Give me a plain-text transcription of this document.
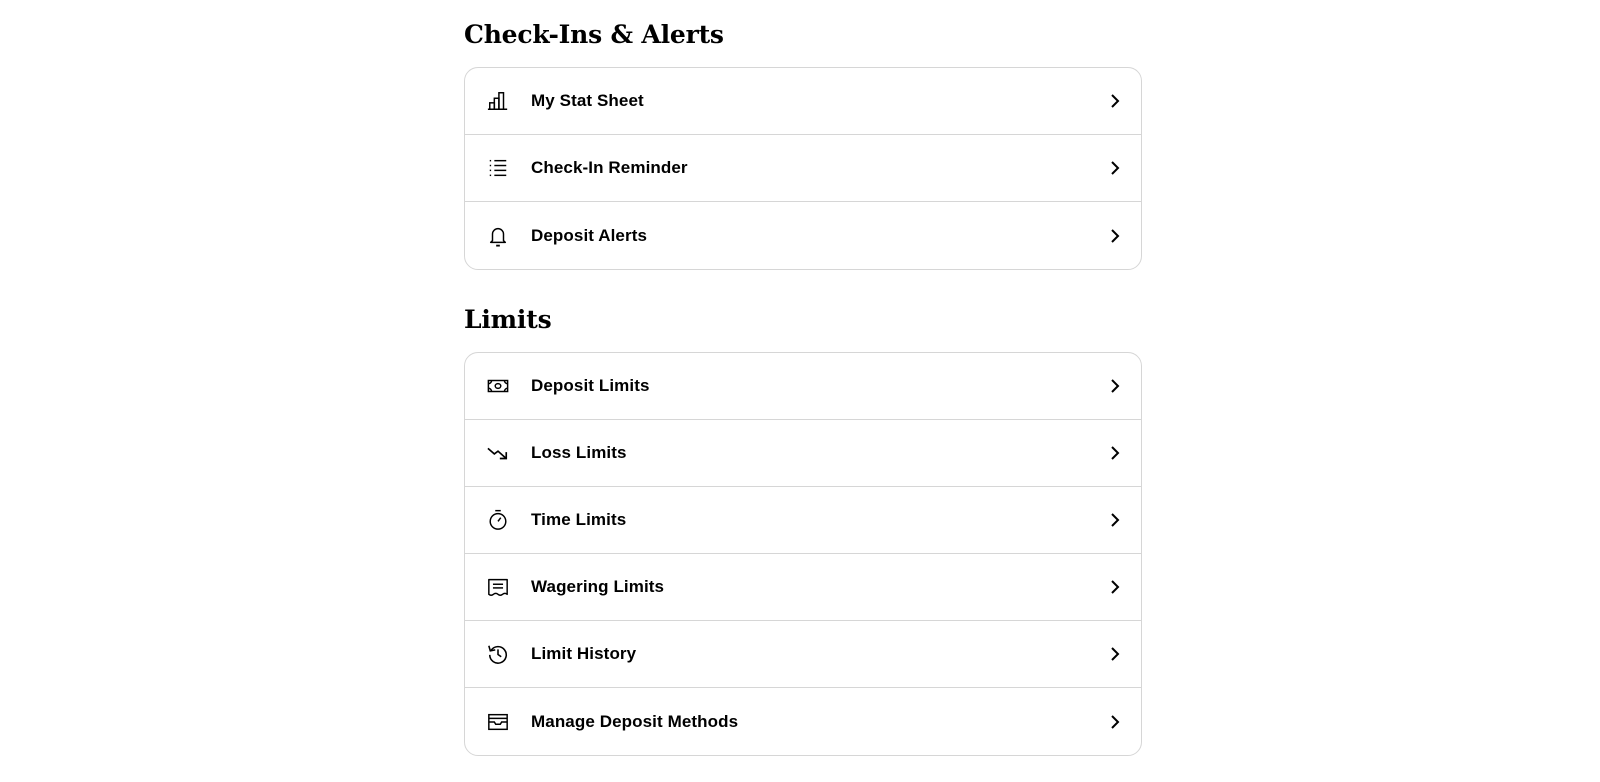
Check-Ins & Alerts
My Stat Sheet
Check-In Reminder
Deposit Alerts
Limits
Deposit Limits
Loss Limits
Time Limits
Wagering Limits
Limit History
Manage Deposit Methods
